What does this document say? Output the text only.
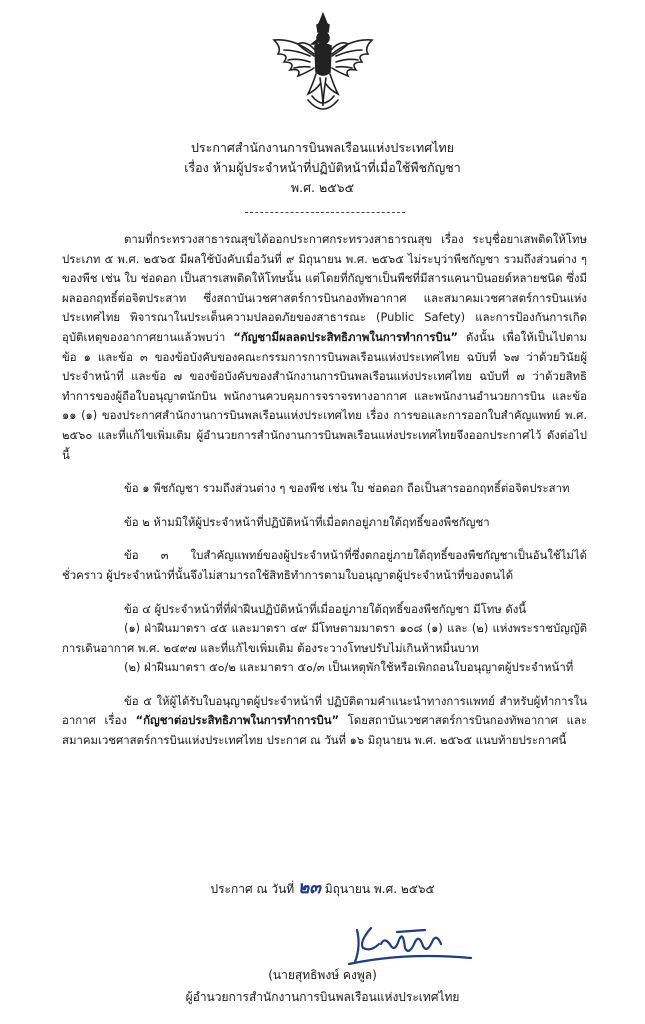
ประกาศสำนักงานการบินพลเรือนแห่งประเทศไทย
เรื่อง ห้ามผู้ประจำหน้าที่ปฏิบัติหน้าที่เมื่อใช้พืชกัญชา
พ.ศ. ๒๕๖๕

ตามที่กระทรวงสาธารณสุขได้ออกประกาศกระทรวงสาธารณสุข เรื่อง ระบุชื่อยาเสพติดให้โทษประเภท ๕ พ.ศ. ๒๕๖๕ มีผลใช้บังคับเมื่อวันที่ ๙ มิถุนายน พ.ศ. ๒๕๖๕ ไม่ระบุว่าพืชกัญชา รวมถึงส่วนต่าง ๆ ของพืช เช่น ใบ ช่อดอก เป็นสารเสพติดให้โทษนั้น แต่โดยที่กัญชาเป็นพืชที่มีสารแคนาบินอยด์หลายชนิด ซึ่งมีผลออกฤทธิ์ต่อจิตประสาท ซึ่งสถาบันเวชศาสตร์การบินกองทัพอากาศ และสมาคมเวชศาสตร์การบินแห่งประเทศไทย พิจารณาในประเด็นความปลอดภัยของสาธารณะ (Public Safety) และการป้องกันการเกิดอุบัติเหตุของอากาศยานแล้วพบว่า “กัญชามีผลลดประสิทธิภาพในการทำการบิน” ดังนั้น เพื่อให้เป็นไปตามข้อ ๑ และข้อ ๓ ของข้อบังคับของคณะกรรมการการบินพลเรือนแห่งประเทศไทย ฉบับที่ ๖๗ ว่าด้วยวินัยผู้ประจำหน้าที่ และข้อ ๗ ของข้อบังคับของสำนักงานการบินพลเรือนแห่งประเทศไทย ฉบับที่ ๗ ว่าด้วยสิทธิทำการของผู้ถือใบอนุญาตนักบิน พนักงานควบคุมการจราจรทางอากาศ และพนักงานอำนวยการบิน และข้อ ๑๑ (๑) ของประกาศสำนักงานการบินพลเรือนแห่งประเทศไทย เรื่อง การขอและการออกใบสำคัญแพทย์ พ.ศ. ๒๕๖๐ และที่แก้ไขเพิ่มเติม ผู้อำนวยการสำนักงานการบินพลเรือนแห่งประเทศไทยจึงออกประกาศไว้ ดังต่อไปนี้

ข้อ ๑ พืชกัญชา รวมถึงส่วนต่าง ๆ ของพืช เช่น ใบ ช่อดอก ถือเป็นสารออกฤทธิ์ต่อจิตประสาท

ข้อ ๒ ห้ามมิให้ผู้ประจำหน้าที่ปฏิบัติหน้าที่เมื่อตกอยู่ภายใต้ฤทธิ์ของพืชกัญชา

ข้อ ๓ ใบสำคัญแพทย์ของผู้ประจำหน้าที่ซึ่งตกอยู่ภายใต้ฤทธิ์ของพืชกัญชาเป็นอันใช้ไม่ได้ชั่วคราว ผู้ประจำหน้าที่นั้นจึงไม่สามารถใช้สิทธิทำการตามใบอนุญาตผู้ประจำหน้าที่ของตนได้

ข้อ ๔ ผู้ประจำหน้าที่ที่ฝ่าฝืนปฏิบัติหน้าที่เมื่ออยู่ภายใต้ฤทธิ์ของพืชกัญชา มีโทษ ดังนี้

(๑) ฝ่าฝืนมาตรา ๔๕ และมาตรา ๔๙ มีโทษตามมาตรา ๑๐๘ (๑) และ (๒) แห่งพระราชบัญญัติการเดินอากาศ พ.ศ. ๒๔๙๗ และที่แก้ไขเพิ่มเติม ต้องระวางโทษปรับไม่เกินห้าหมื่นบาท

(๒) ฝ่าฝืนมาตรา ๕๐/๒ และมาตรา ๕๐/๓ เป็นเหตุพักใช้หรือเพิกถอนใบอนุญาตผู้ประจำหน้าที่

ข้อ ๕ ให้ผู้ได้รับใบอนุญาตผู้ประจำหน้าที่ ปฏิบัติตามคำแนะนำทางการแพทย์ สำหรับผู้ทำการในอากาศ เรื่อง “กัญชาต่อประสิทธิภาพในการทำการบิน” โดยสถาบันเวชศาสตร์การบินกองทัพอากาศ และสมาคมเวชศาสตร์การบินแห่งประเทศไทย ประกาศ ณ วันที่ ๑๖ มิถุนายน พ.ศ. ๒๕๖๕ แนบท้ายประกาศนี้

ประกาศ ณ วันที่ ๒๓ มิถุนายน พ.ศ. ๒๕๖๕
(นายสุทธิพงษ์ คงพูล)
ผู้อำนวยการสำนักงานการบินพลเรือนแห่งประเทศไทย
